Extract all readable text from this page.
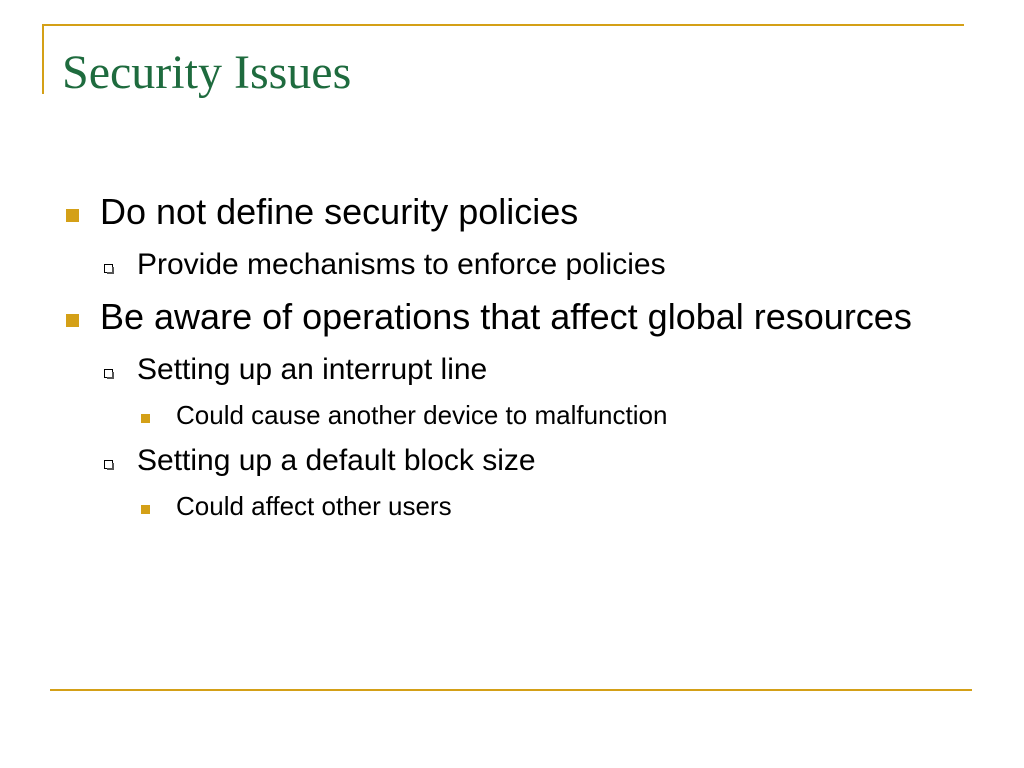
Security Issues
Do not define security policies
Provide mechanisms to enforce policies
Be aware of operations that affect global resources
Setting up an interrupt line
Could cause another device to malfunction
Setting up a default block size
Could affect other users
